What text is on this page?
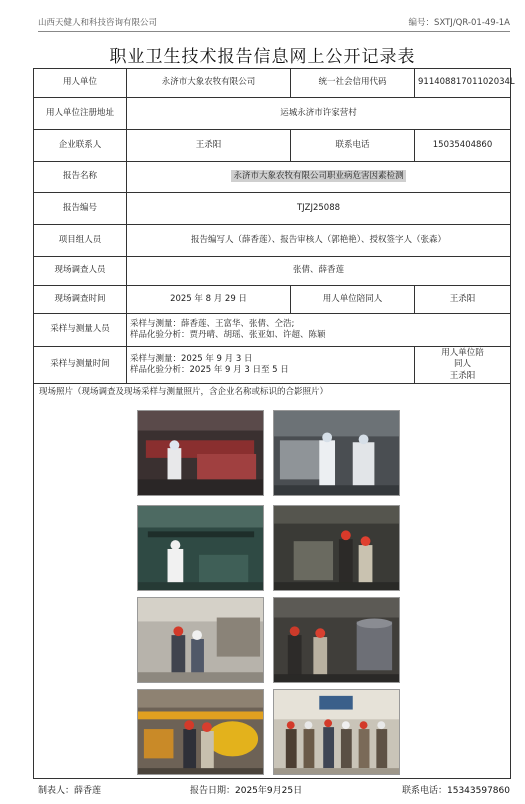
山西天健人和科技咨询有限公司	编号：SXTJ/QR-01-49-1A
职业卫生技术报告信息网上公开记录表
用人单位	永济市大象农牧有限公司	统一社会信用代码	91140881701102034L
用人单位注册地址	运城永济市许家营村		
企业联系人	王杀阳	联系电话	15035404860
报告名称	永济市大象农牧有限公司职业病危害因素检测		
报告编号	TJZJ25088		
项目组人员	报告编写人（薛香莲）、报告审核人（郭艳艳）、授权签字人（张森）		
现场调查人员	张倩、薛香莲		
现场调查时间	2025 年 8 月 29 日	用人单位陪同人	王杀阳
采样与测量人员	采样与测量：薛香莲、王富华、张倩、仝浩;
样品化验分析：贾丹晴、胡瑶、张亚如、许超、陈颖		

采样与测量时间	采样与测量：2025 年 9 月 3 日
样品化验分析：2025 年 9 月 3 日至 5 日		用人单位陪同人 王杀阳

现场照片（现场调查及现场采样与测量照片，含企业名称或标识的合影照片）			
制表人：薛香莲	报告日期：2025年9月25日	联系电话：15343597860
